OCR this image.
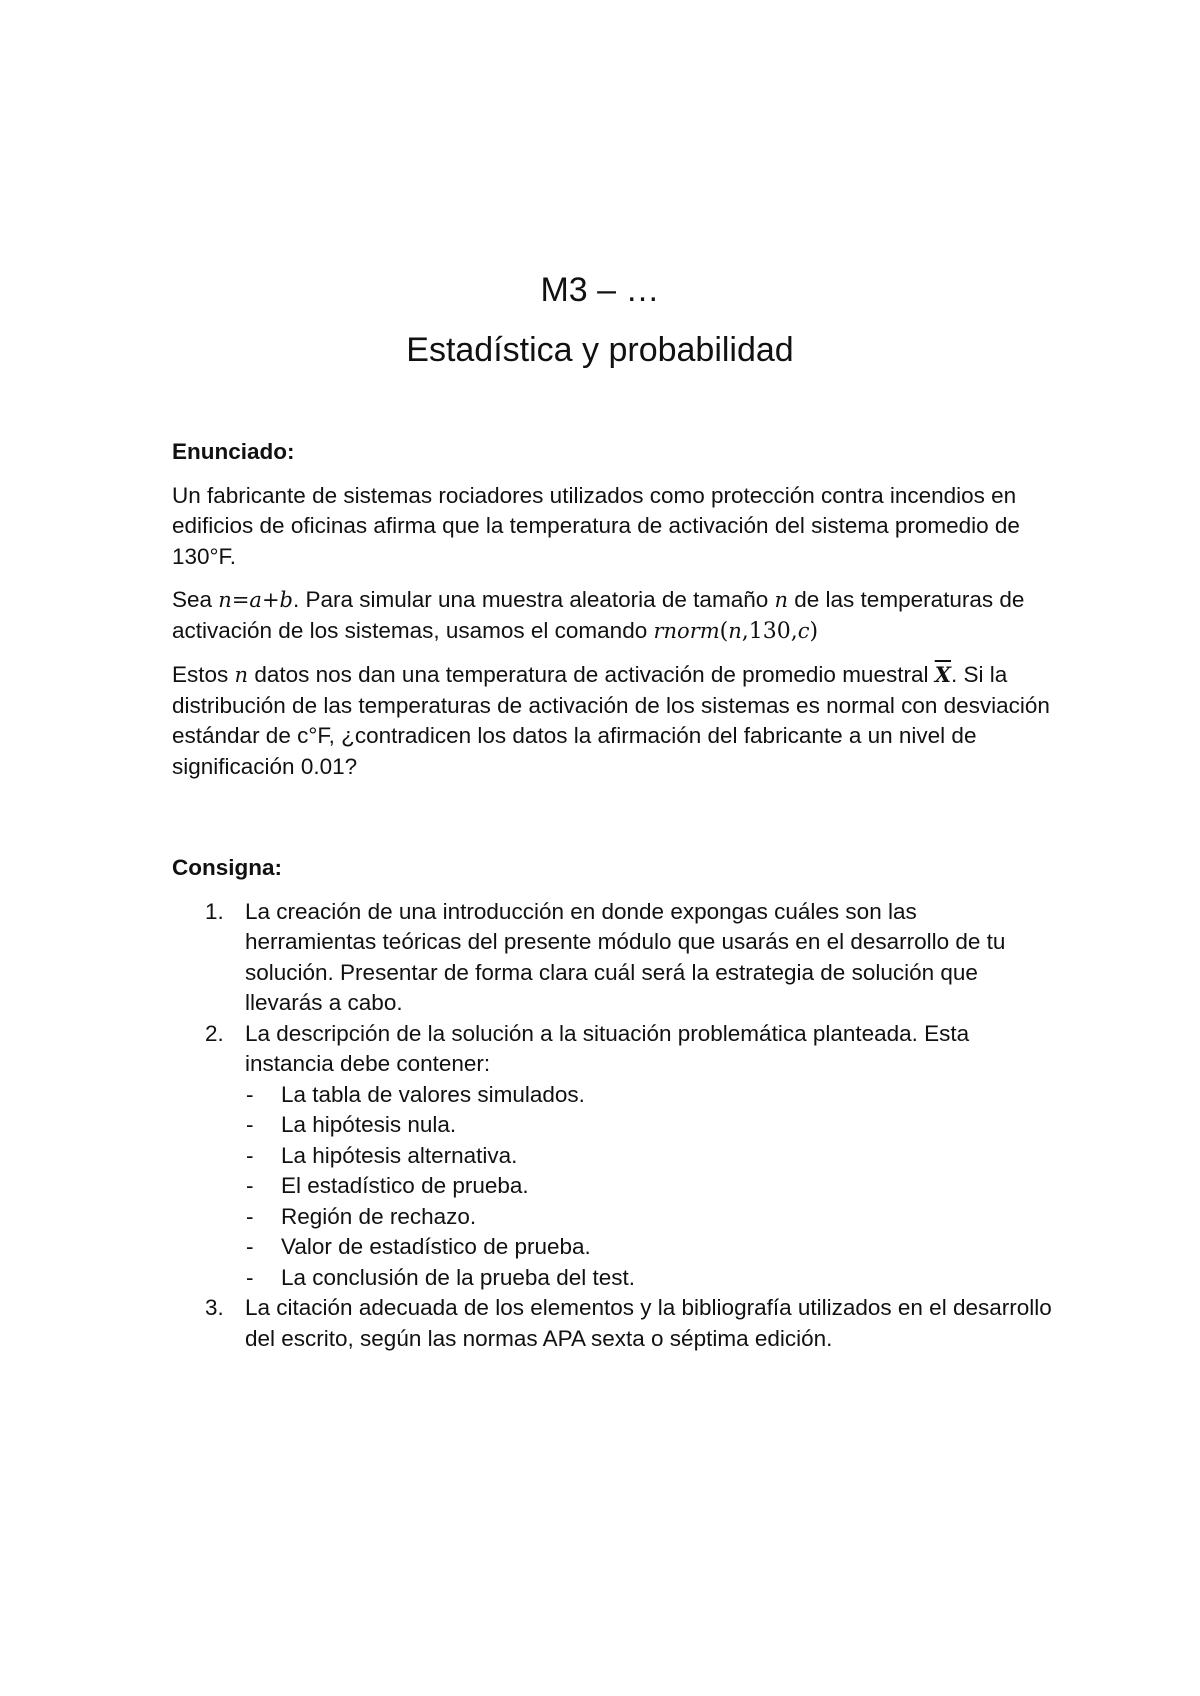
M3 – …
Estadística y probabilidad
Enunciado:

Un fabricante de sistemas rociadores utilizados como protección contra incendios en edificios de oficinas afirma que la temperatura de activación del sistema promedio de 130°F.

Sea n=a+b. Para simular una muestra aleatoria de tamaño n de las temperaturas de activación de los sistemas, usamos el comando rnorm(n,130,c)

Estos n datos nos dan una temperatura de activación de promedio muestral $\overline{X}$. Si la distribución de las temperaturas de activación de los sistemas es normal con desviación estándar de c°F, ¿contradicen los datos la afirmación del fabricante a un nivel de significación 0.01?

Consigna:
1. La creación de una introducción en donde expongas cuáles son las herramientas teóricas del presente módulo que usarás en el desarrollo de tu solución. Presentar de forma clara cuál será la estrategia de solución que llevarás a cabo.
2. La descripción de la solución a la situación problemática planteada. Esta instancia debe contener:
- La tabla de valores simulados.
- La hipótesis nula.
- La hipótesis alternativa.
- El estadístico de prueba.
- Región de rechazo.
- Valor de estadístico de prueba.
- La conclusión de la prueba del test.
3. La citación adecuada de los elementos y la bibliografía utilizados en el desarrollo del escrito, según las normas APA sexta o séptima edición.
